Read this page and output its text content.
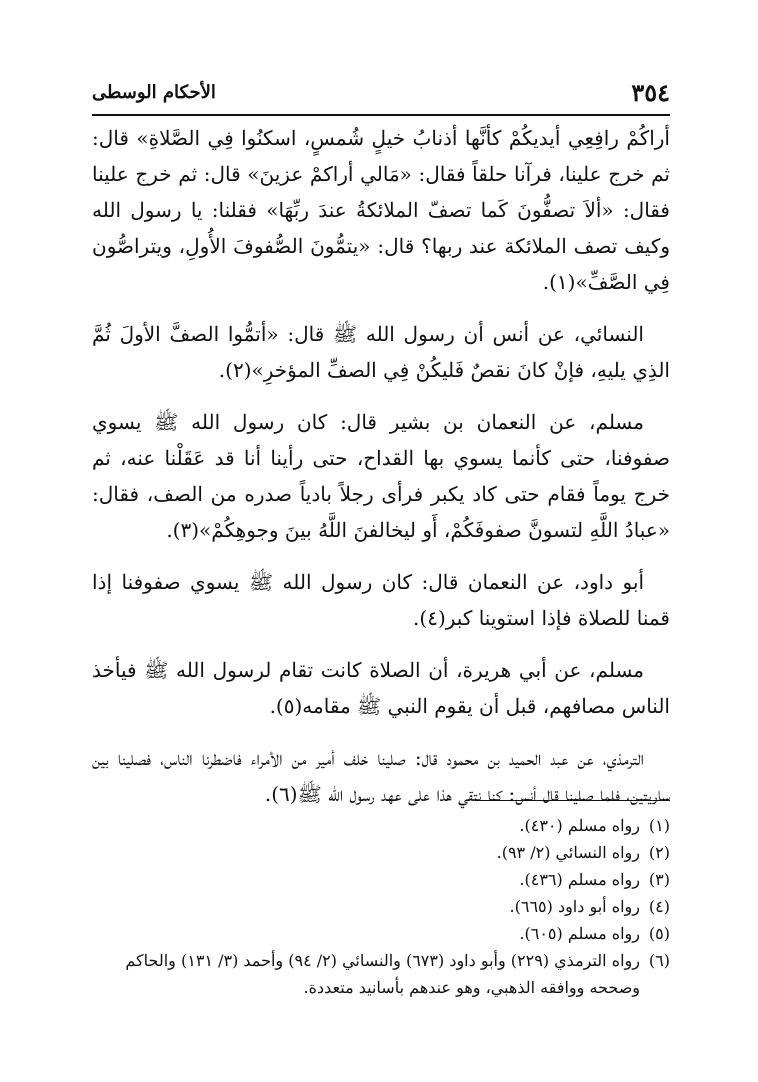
٣٥٤
الأحكام الوسطى

أراكُمْ رافِعِي أيديكُمْ كأنَّها أذنابُ خيلٍ شُمسٍ، اسكنُوا فِي الصَّلاةِ» قال: ثم خرج علينا، فرآنا حلقاً فقال: «مَالي أراكمْ عزينَ» قال: ثم خرج علينا فقال: «ألاَ تصفُّونَ كَما تصفّ الملائكةُ عندَ ربِّهَا» فقلنا: يا رسول الله وكيف تصف الملائكة عند ربها؟ قال: «يتمُّونَ الصُّفوفَ الأُولِ، ويتراصُّون فِي الصَّفِّ»(١).

النسائي، عن أنس أن رسول الله ﷺ قال: «أتمُّوا الصفَّ الأولَ ثُمَّ الذِي يليهِ، فإنْ كانَ نقصٌ فَليكُنْ فِي الصفِّ المؤخرِ»(٢).

مسلم، عن النعمان بن بشير قال: كان رسول الله ﷺ يسوي صفوفنا، حتى كأنما يسوي بها القداح، حتى رأينا أنا قد عَقَلْنا عنه، ثم خرج يوماً فقام حتى كاد يكبر فرأى رجلاً بادياً صدره من الصف، فقال: «عبادُ اللَّهِ لتسونَّ صفوفَكُمْ، أَو ليخالفنَ اللَّهُ بينَ وجوهِكُمْ»(٣).

أبو داود، عن النعمان قال: كان رسول الله ﷺ يسوي صفوفنا إذا قمنا للصلاة فإذا استوينا كبر(٤).

مسلم، عن أبي هريرة، أن الصلاة كانت تقام لرسول الله ﷺ فيأخذ الناس مصافهم، قبل أن يقوم النبي ﷺ مقامه(٥).

الترمذي، عن عبد الحميد بن محمود قال: صلينا خلف أمير من الأمراء فاضطرنا الناس، فصلينا بين ساريتين، فلما صلينا قال أنس: كنا نتقي هذا على عهد رسول الله ﷺ(٦).

(١)
رواه مسلم (٤٣٠).
(٢)
رواه النسائي (٢/ ٩٣).
(٣)
رواه مسلم (٤٣٦).
(٤)
رواه أبو داود (٦٦٥).
(٥)
رواه مسلم (٦٠٥).
(٦)
رواه الترمذي (٢٢٩) وأبو داود (٦٧٣) والنسائي (٢/ ٩٤) وأحمد (٣/ ١٣١) والحاكم وصححه ووافقه الذهبي، وهو عندهم بأسانيد متعددة.
